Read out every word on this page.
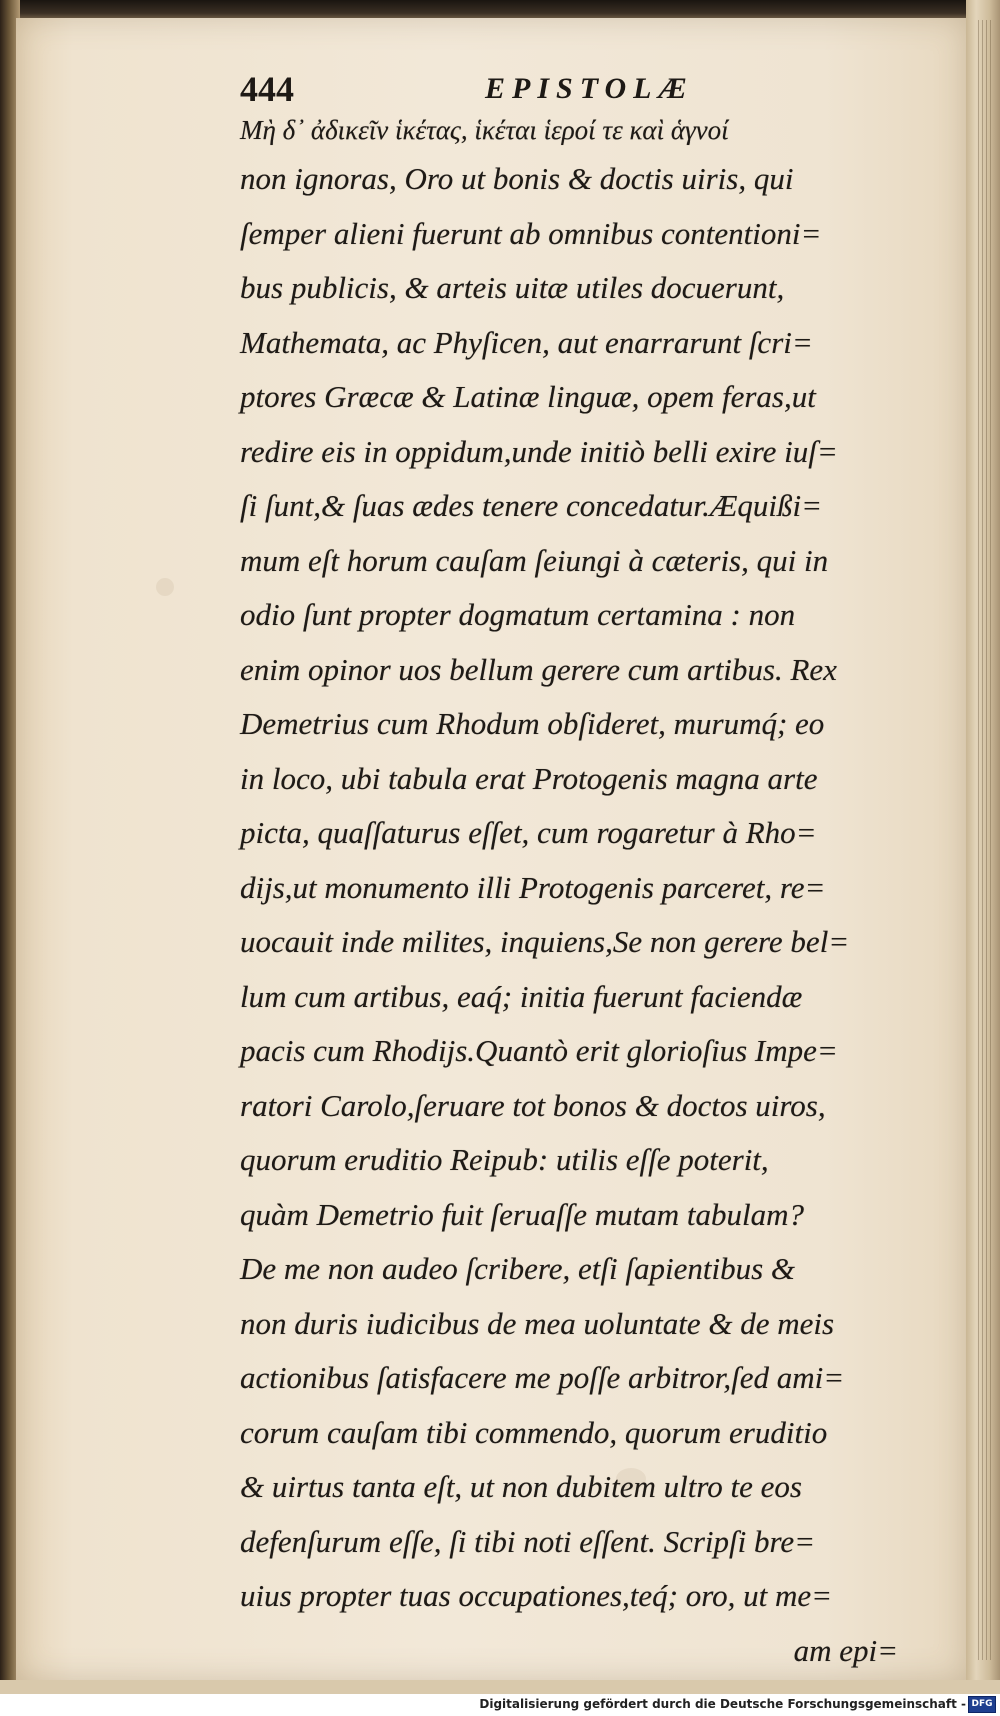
444	EPISTOLÆ
Μὴ δ᾽ ἀδικεῖν ἱκέτας, ἱκέται ἱεροί τε καὶ ἁγνοί
non ignoras, Oro ut bonis & doctis uiris, qui
ſemper alieni fuerunt ab omnibus contentioni=
bus publicis, & arteis uitæ utiles docuerunt,
Mathemata, ac Phyſicen, aut enarrarunt ſcri=
ptores Græcæ & Latinæ linguæ, opem feras,ut
redire eis in oppidum,unde initiò belli exire iuſ=
ſi ſunt,& ſuas ædes tenere concedatur.Æquißi=
mum eſt horum cauſam ſeiungi à cæteris, qui in
odio ſunt propter dogmatum certamina : non
enim opinor uos bellum gerere cum artibus. Rex
Demetrius cum Rhodum obſideret, murumq́; eo
in loco, ubi tabula erat Protogenis magna arte
picta, quaſſaturus eſſet, cum rogaretur à Rho=
dijs,ut monumento illi Protogenis parceret, re=
uocauit inde milites, inquiens,Se non gerere bel=
lum cum artibus, eaq́; initia fuerunt faciendæ
pacis cum Rhodijs.Quantò erit glorioſius Impe=
ratori Carolo,ſeruare tot bonos & doctos uiros,
quorum eruditio Reipub: utilis eſſe poterit,
quàm Demetrio fuit ſeruaſſe mutam tabulam?
De me non audeo ſcribere, etſi ſapientibus &
non duris iudicibus de mea uoluntate & de meis
actionibus ſatisfacere me poſſe arbitror,ſed ami=
corum cauſam tibi commendo, quorum eruditio
& uirtus tanta eſt, ut non dubitem ultro te eos
defenſurum eſſe, ſi tibi noti eſſent. Scripſi bre=
uius propter tuas occupationes,teq́; oro, ut me=
am epi=
Digitalisierung gefördert durch die Deutsche Forschungsgemeinschaft - DFG
